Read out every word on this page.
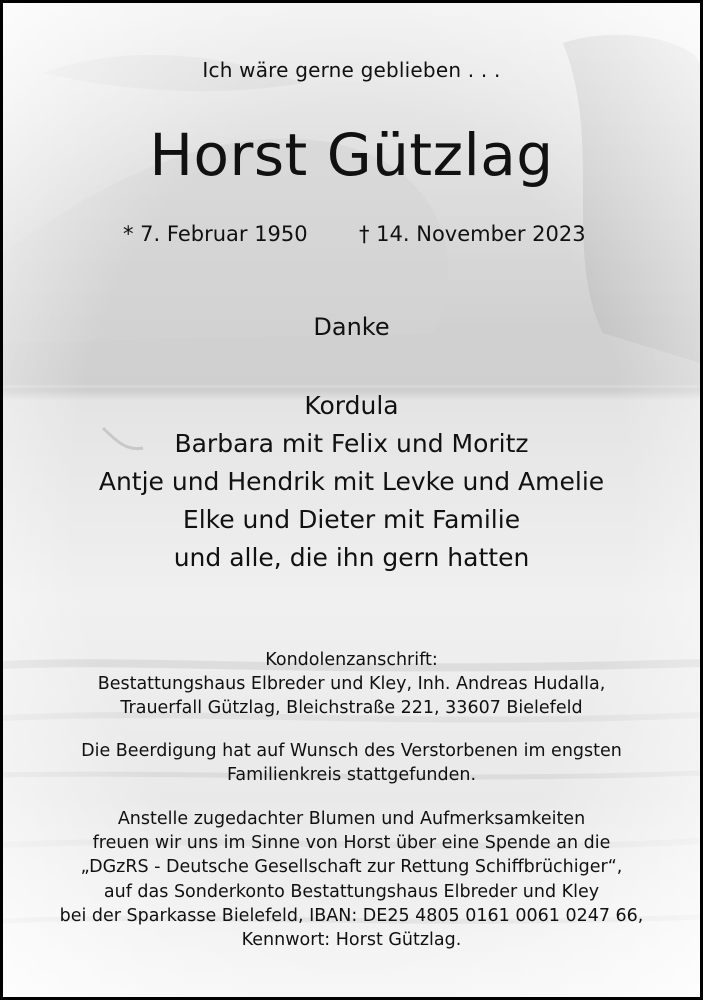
Ich wäre gerne geblieben . . .

Horst Gützlag

* 7. Februar 1950 † 14. November 2023

Danke

Kordula
Barbara mit Felix und Moritz
Antje und Hendrik mit Levke und Amelie
Elke und Dieter mit Familie
und alle, die ihn gern hatten
Kondolenzanschrift:
Bestattungshaus Elbreder und Kley, Inh. Andreas Hudalla,
Trauerfall Gützlag, Bleichstraße 221, 33607 Bielefeld
Die Beerdigung hat auf Wunsch des Verstorbenen im engsten
Familienkreis stattgefunden.
Anstelle zugedachter Blumen und Aufmerksamkeiten
freuen wir uns im Sinne von Horst über eine Spende an die
„DGzRS - Deutsche Gesellschaft zur Rettung Schiffbrüchiger“,
auf das Sonderkonto Bestattungshaus Elbreder und Kley
bei der Sparkasse Bielefeld, IBAN: DE25 4805 0161 0061 0247 66,
Kennwort: Horst Gützlag.
